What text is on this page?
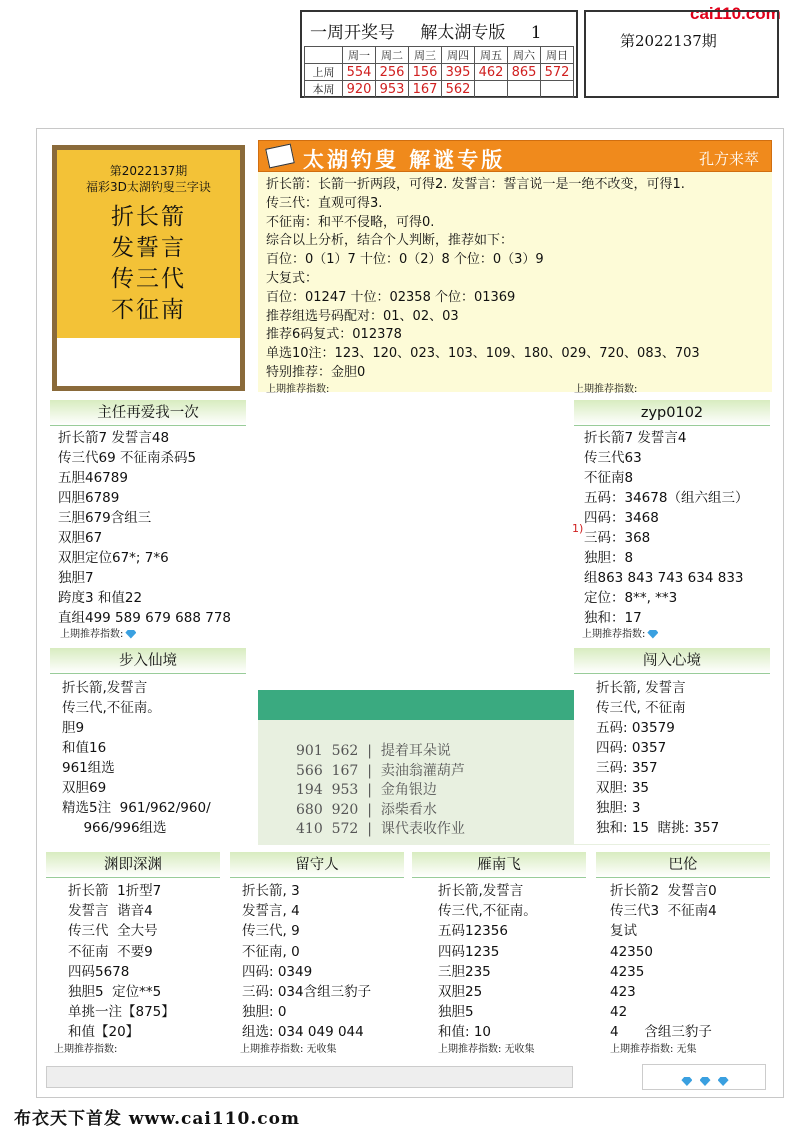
cai110.com
一周开奖号 解太湖专版 1
	周一	周二	周三	周四	周五	周六	周日
上周	554	256	156	395	462	865	572
本周	920	953	167	562			
第2022137期
第2022137期
福彩3D太湖钓叟三字诀
折长箭
发誓言
传三代
不征南
太湖钓叟 解谜专版	孔方来萃
折长箭：长箭一折两段，可得2. 发誓言：誓言说一是一绝不改变，可得1.
传三代：直观可得3.
不征南：和平不侵略，可得0.
综合以上分析，结合个人判断，推荐如下：
百位：0（1）7 十位：0（2）8 个位：0（3）9
大复式：
百位：01247 十位：02358 个位：01369
推荐组选号码配对：01、02、03
推荐6码复式：012378
单选10注：123、120、023、103、109、180、029、720、083、703
特别推荐：金胆0
上期推荐指数:	上期推荐指数:
主任再爱我一次
折长箭7 发誓言48
传三代69 不征南杀码5
五胆46789
四胆6789
三胆679含组三
双胆67
双胆定位67*; 7*6
独胆7
跨度3 和值22
直组499 589 679 688 778
上期推荐指数:
zyp0102
折长箭7 发誓言4
传三代63
不征南8
五码：34678（组六组三）
四码：3468
三码：368
独胆：8
组863 843 743 634 833
定位：8**, **3
独和：17
上期推荐指数:
1)
步入仙境
折长箭,发誓言
传三代,不征南。
胆9
和值16
961组选
双胆69
精选5注  961/962/960/
966/996组选
901  562  |  提着耳朵说
566  167  |  卖油翁灌葫芦
194  953  |  金角银边
680  920  |  添柴看水
410  572  |  课代表收作业
闯入心境
折长箭, 发誓言
传三代, 不征南
五码: 03579
四码: 0357
三码: 357
双胆: 35
独胆: 3
独和: 15  瞎挑: 357
渊即深渊
折长箭  1折型7
发誓言  谐音4
传三代  全大号
不征南  不要9
四码5678
独胆5  定位**5
单挑一注【875】
和值【20】
上期推荐指数:
留守人
折长箭, 3
发誓言, 4
传三代, 9
不征南, 0
四码: 0349
三码: 034含组三豹子
独胆: 0
组选: 034 049 044
上期推荐指数: 无收集
雁南飞
折长箭,发誓言
传三代,不征南。
五码12356
四码1235
三胆235
双胆25
独胆5
和值: 10
上期推荐指数: 无收集
巴伦
折长箭2  发誓言0
传三代3  不征南4
复试
42350
4235
423
42
4      含组三豹子
上期推荐指数: 无集

布衣天下首发 www.cai110.com
